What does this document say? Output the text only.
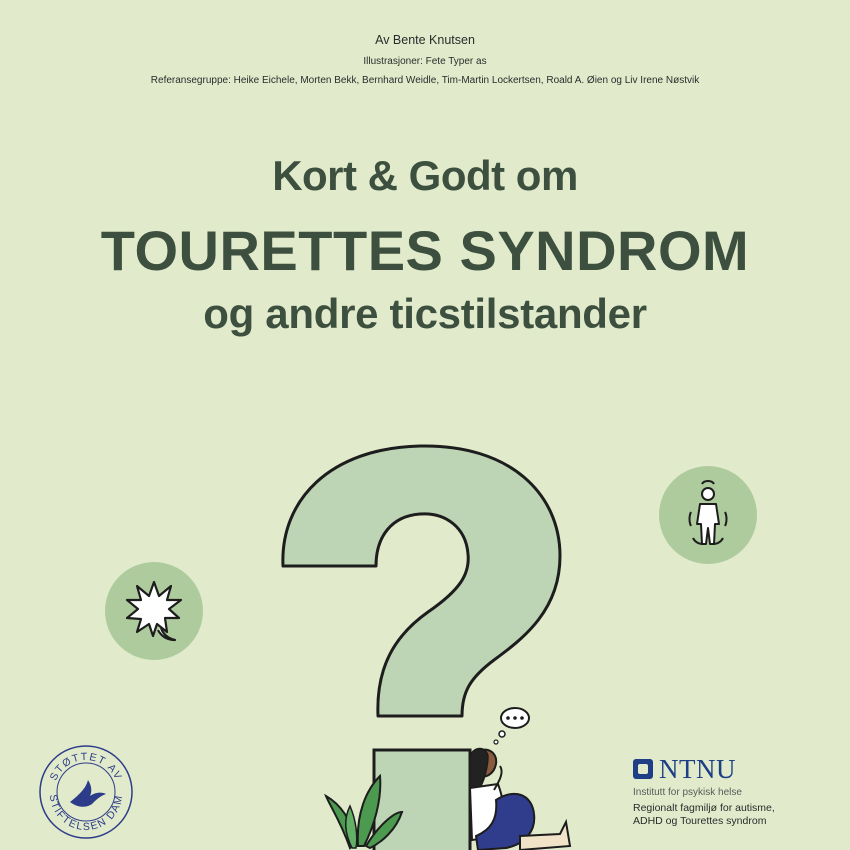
Av Bente Knutsen
Illustrasjoner: Fete Typer as
Referansegruppe: Heike Eichele, Morten Bekk, Bernhard Weidle, Tim-Martin Lockertsen, Roald A. Øien og Liv Irene Nøstvik
Kort & Godt om
TOURETTES SYNDROM
og andre ticstilstander
STØTTET AV
STIFTELSEN DAM
NTNU
Institutt for psykisk helse
Regionalt fagmiljø for autisme,
ADHD og Tourettes syndrom
